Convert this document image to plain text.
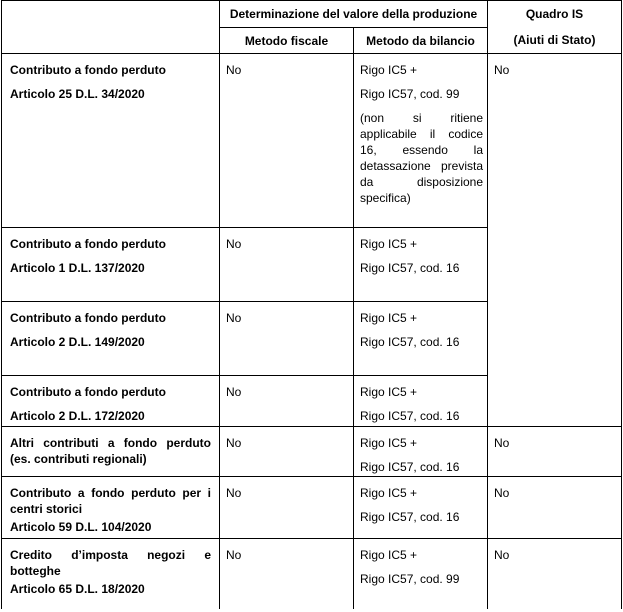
	Determinazione del valore della produzione		Quadro IS
	Metodo fiscale	Metodo da bilancio	(Aiuti di Stato)

Contributo a fondo perduto
Articolo 25 D.L. 34/2020	No	Rigo IC5 +
Rigo IC57, cod. 99
(non si ritiene applicabile il codice 16, essendo la detassazione prevista da disposizione specifica)	No

Contributo a fondo perduto
Articolo 1 D.L. 137/2020	No	Rigo IC5 +
Rigo IC57, cod. 16	

Contributo a fondo perduto
Articolo 2 D.L. 149/2020	No	Rigo IC5 +
Rigo IC57, cod. 16	

Contributo a fondo perduto
Articolo 2 D.L. 172/2020	No	Rigo IC5 +
Rigo IC57, cod. 16	

Altri contributi a fondo perduto (es. contributi regionali)	No	Rigo IC5 +
Rigo IC57, cod. 16	No

Contributo a fondo perduto per i centri storici
Articolo 59 D.L. 104/2020	No	Rigo IC5 +
Rigo IC57, cod. 16	No

Credito d’imposta negozi e botteghe
Articolo 65 D.L. 18/2020	No	Rigo IC5 +
Rigo IC57, cod. 99	No
